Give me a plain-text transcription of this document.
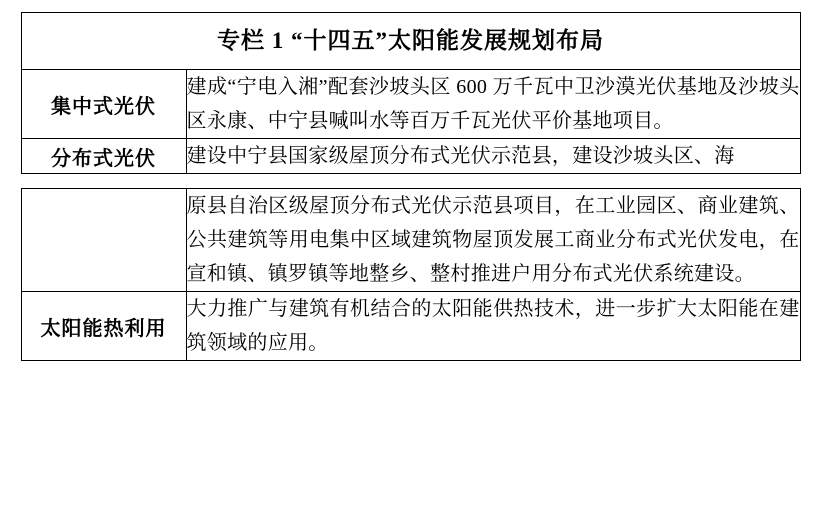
专栏 1 “十四五”太阳能发展规划布局	
集中式光伏	建成“宁电入湘”配套沙坡头区 600 万千瓦中卫沙漠光伏基地及沙坡头区永康、中宁县喊叫水等百万千瓦光伏平价基地项目。
分布式光伏	建设中宁县国家级屋顶分布式光伏示范县，建设沙坡头区、海
	原县自治区级屋顶分布式光伏示范县项目，在工业园区、商业建筑、公共建筑等用电集中区域建筑物屋顶发展工商业分布式光伏发电，在宣和镇、镇罗镇等地整乡、整村推进户用分布式光伏系统建设。
太阳能热利用	大力推广与建筑有机结合的太阳能供热技术，进一步扩大太阳能在建筑领域的应用。
